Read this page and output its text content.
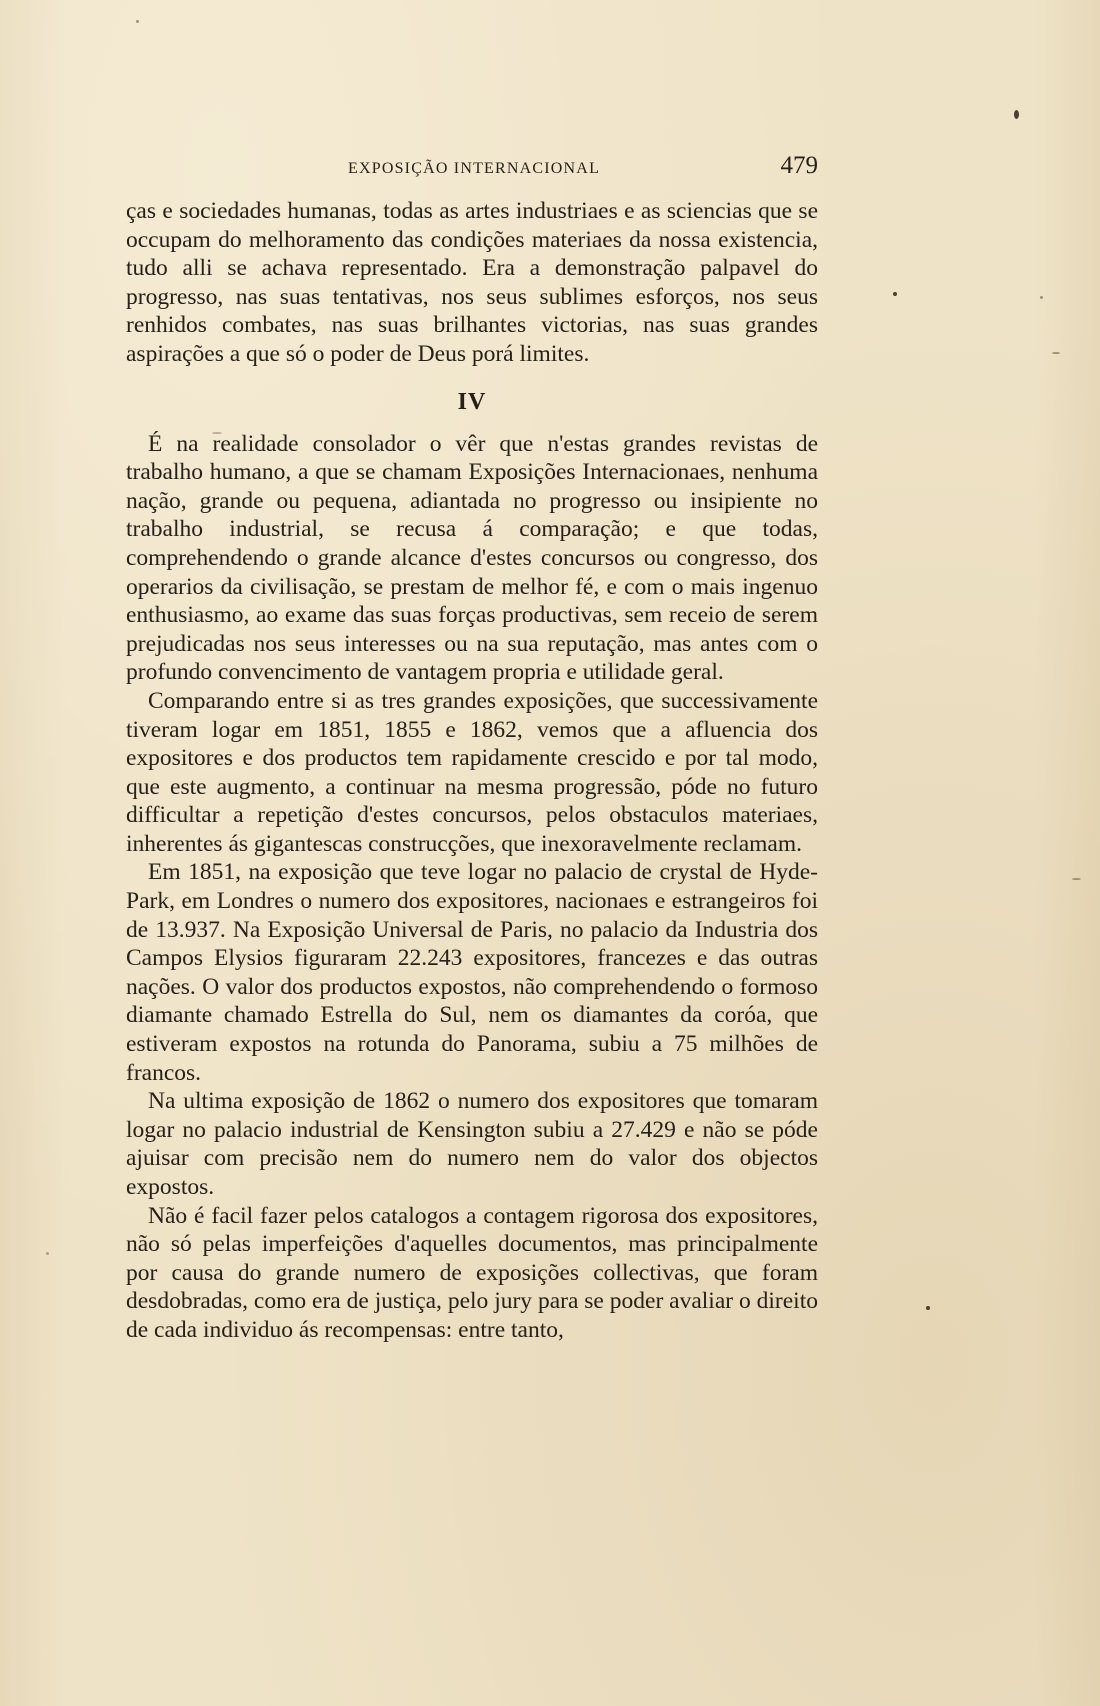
EXPOSIÇÃO INTERNACIONAL	479

ças e sociedades humanas, todas as artes industriaes e as sciencias que se occupam do melhoramento das condições materiaes da nossa existencia, tudo alli se achava representado. Era a demonstração palpavel do progresso, nas suas tentativas, nos seus sublimes esforços, nos seus renhidos combates, nas suas brilhantes victorias, nas suas grandes aspirações a que só o poder de Deus porá limites.

IV

É na realidade consolador o vêr que n'estas grandes revistas de trabalho humano, a que se chamam Exposições Internacionaes, nenhuma nação, grande ou pequena, adiantada no progresso ou insipiente no trabalho industrial, se recusa á comparação; e que todas, comprehendendo o grande alcance d'estes concursos ou congresso, dos operarios da civilisação, se prestam de melhor fé, e com o mais ingenuo enthusiasmo, ao exame das suas forças productivas, sem receio de serem prejudicadas nos seus interesses ou na sua reputação, mas antes com o profundo convencimento de vantagem propria e utilidade geral.

Comparando entre si as tres grandes exposições, que successivamente tiveram logar em 1851, 1855 e 1862, vemos que a afluencia dos expositores e dos productos tem rapidamente crescido e por tal modo, que este augmento, a continuar na mesma progressão, póde no futuro difficultar a repetição d'estes concursos, pelos obstaculos materiaes, inherentes ás gigantescas construcções, que inexoravelmente reclamam.

Em 1851, na exposição que teve logar no palacio de crystal de Hyde-Park, em Londres o numero dos expositores, nacionaes e estrangeiros foi de 13.937. Na Exposição Universal de Paris, no palacio da Industria dos Campos Elysios figuraram 22.243 expositores, francezes e das outras nações. O valor dos productos expostos, não comprehendendo o formoso diamante chamado Estrella do Sul, nem os diamantes da coróa, que estiveram expostos na rotunda do Panorama, subiu a 75 milhões de francos.

Na ultima exposição de 1862 o numero dos expositores que tomaram logar no palacio industrial de Kensington subiu a 27.429 e não se póde ajuisar com precisão nem do numero nem do valor dos objectos expostos.

Não é facil fazer pelos catalogos a contagem rigorosa dos expositores, não só pelas imperfeições d'aquelles documentos, mas principalmente por causa do grande numero de exposições collectivas, que foram desdobradas, como era de justiça, pelo jury para se poder avaliar o direito de cada individuo ás recompensas: entre tanto,
